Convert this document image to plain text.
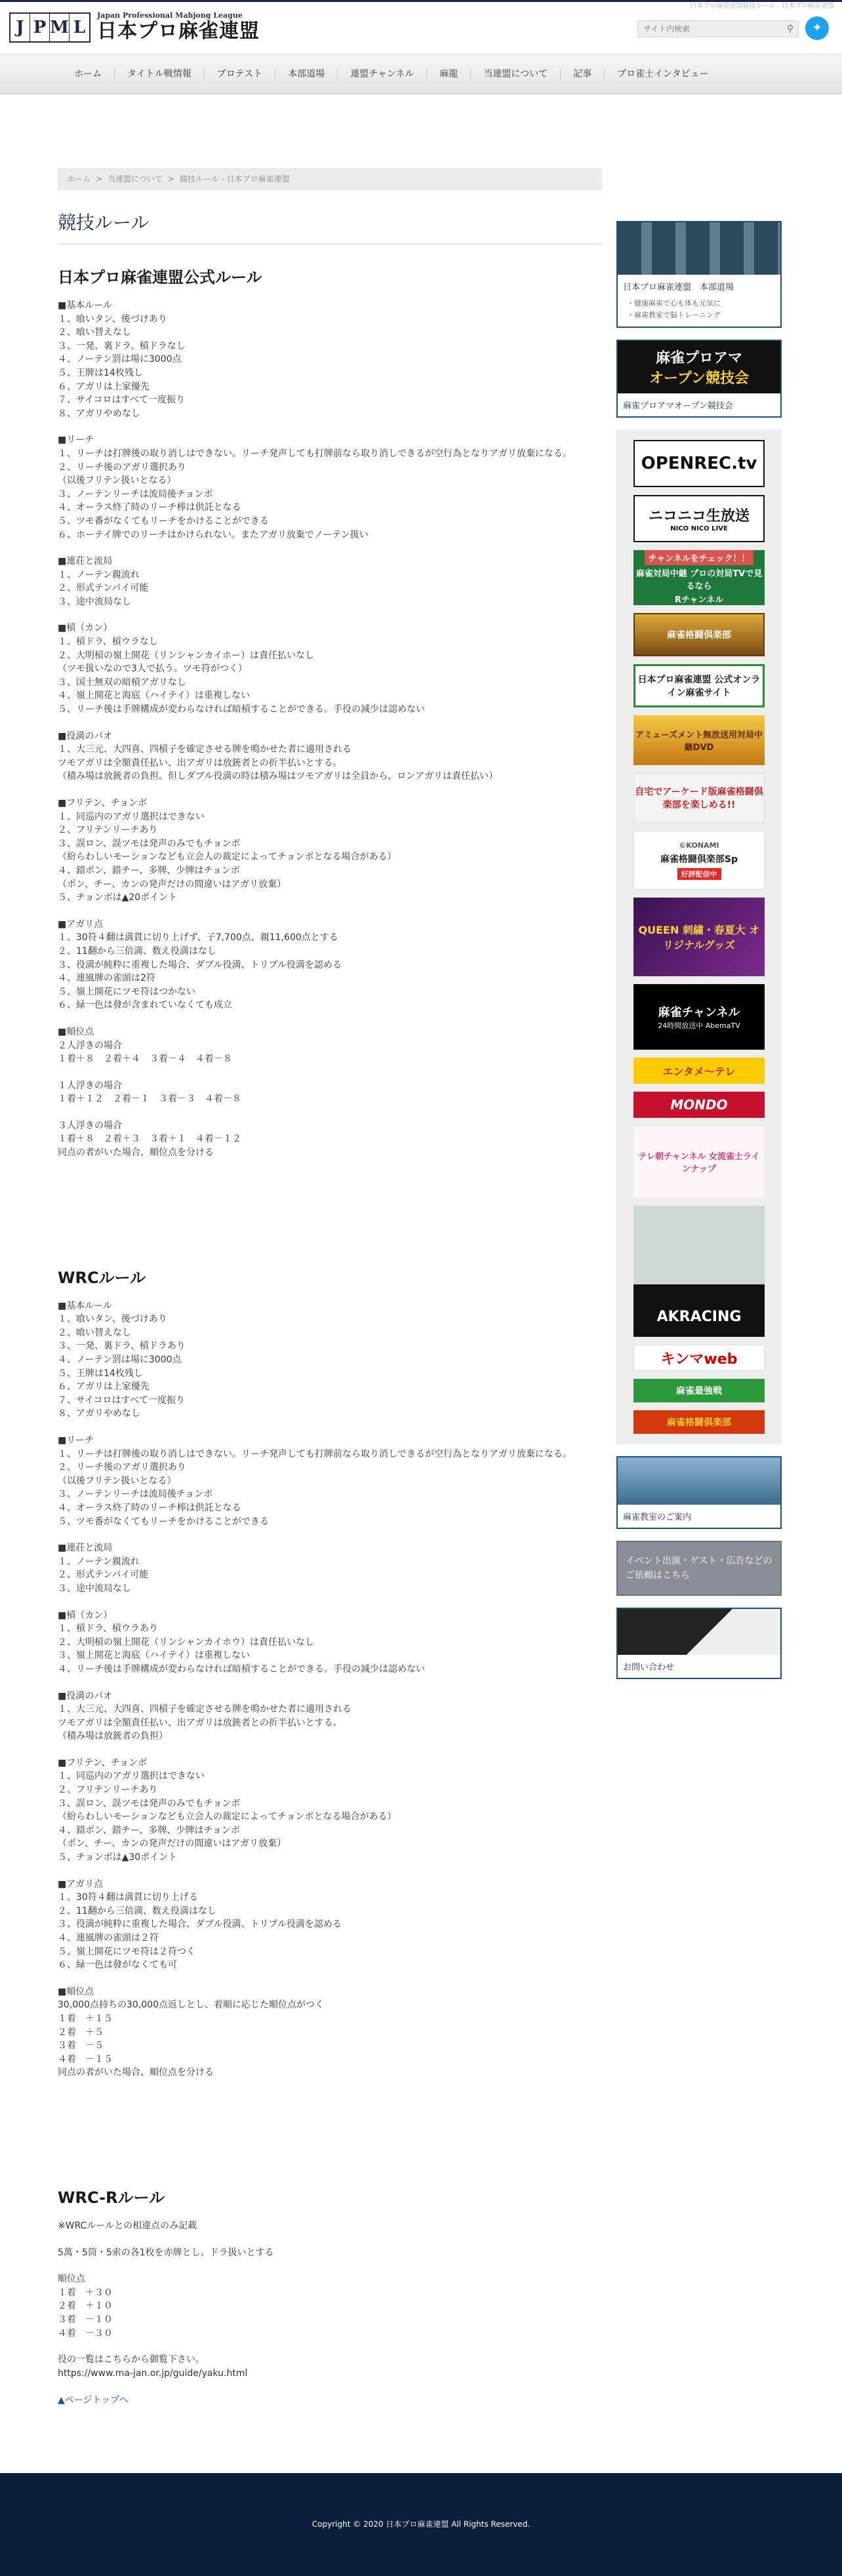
日本プロ麻雀連盟競技ルール - 日本プロ麻雀連盟
J P M L
Japan Professional Mahjong League
日本プロ麻雀連盟
サイト内検索	⚲	✦
ホーム	タイトル戦情報	プロテスト	本部道場	連盟チャンネル	麻龍	当連盟について	記事	プロ雀士インタビュー
ホーム > 当連盟について > 競技ルール - 日本プロ麻雀連盟
競技ルール
日本プロ麻雀連盟公式ルール
■基本ルール
１、喰いタン、後づけあり
２、喰い替えなし
３、一発、裏ドラ、槓ドラなし
４、ノーテン罰は場に3000点
５、王牌は14枚残し
６、アガリは上家優先
７、サイコロはすべて一度振り
８、アガリやめなし
■リーチ
１、リーチは打牌後の取り消しはできない。リーチ発声しても打牌前なら取り消しできるが空行為となりアガリ放棄になる。
２、リーチ後のアガリ選択あり
（以後フリテン扱いとなる）
３、ノーテンリーチは流局後チョンボ
４、オーラス終了時のリーチ棒は供託となる
５、ツモ番がなくてもリーチをかけることができる
６、ホーテイ牌でのリーチはかけられない。またアガリ放棄でノーテン扱い
■連荘と流局
１、ノーテン親流れ
２、形式テンパイ可能
３、途中流局なし
■槓（カン）
１、槓ドラ、槓ウラなし
２、大明槓の嶺上開花（リンシャンカイホー）は責任払いなし
（ツモ扱いなので3人で払う。ツモ符がつく）
３、国士無双の暗槓アガリなし
４、嶺上開花と海底（ハイテイ）は重複しない
５、リーチ後は手牌構成が変わらなければ暗槓することができる。手役の減少は認めない
■役満のパオ
１、大三元、大四喜、四槓子を確定させる牌を鳴かせた者に適用される
ツモアガリは全額責任払い、出アガリは放銃者との折半払いとする。
（積み場は放銃者の負担。但しダブル役満の時は積み場はツモアガリは全員から、ロンアガリは責任払い）
■フリテン、チョンボ
１、同巡内のアガリ選択はできない
２、フリテンリーチあり
３、誤ロン、誤ツモは発声のみでもチョンボ
（紛らわしいモーションなども立会人の裁定によってチョンボとなる場合がある）
４、錯ポン、錯チー、多牌、少牌はチョンボ
（ポン、チー、カンの発声だけの間違いはアガリ放棄）
５、チョンボは▲20ポイント
■アガリ点
１、30符４翻は満貫に切り上げず、子7,700点、親11,600点とする
２、11翻から三倍満、数え役満はなし
３、役満が純粋に重複した場合、ダブル役満、トリプル役満を認める
４、連風牌の雀頭は2符
５、嶺上開花にツモ符はつかない
６、緑一色は發が含まれていなくても成立
■順位点
２人浮きの場合
１着＋８　２着＋４　３着－４　４着－８
１人浮きの場合
１着＋１２　２着－１　３着－３　４着－８
３人浮きの場合
１着＋８　２着＋３　３着＋１　４着－１２
同点の者がいた場合、順位点を分ける
WRCルール
■基本ルール
１、喰いタン、後づけあり
２、喰い替えなし
３、一発、裏ドラ、槓ドラあり
４、ノーテン罰は場に3000点
５、王牌は14枚残し
６、アガリは上家優先
７、サイコロはすべて一度振り
８、アガリやめなし
■リーチ
１、リーチは打牌後の取り消しはできない。リーチ発声しても打牌前なら取り消しできるが空行為となりアガリ放棄になる。
２、リーチ後のアガリ選択あり
（以後フリテン扱いとなる）
３、ノーテンリーチは流局後チョンボ
４、オーラス終了時のリーチ棒は供託となる
５、ツモ番がなくてもリーチをかけることができる
■連荘と流局
１、ノーテン親流れ
２、形式テンパイ可能
３、途中流局なし
■槓（カン）
１、槓ドラ、槓ウラあり
２、大明槓の嶺上開花（リンシャンカイホウ）は責任払いなし
３、嶺上開花と海底（ハイテイ）は重複しない
４、リーチ後は手牌構成が変わらなければ暗槓することができる。手役の減少は認めない
■役満のパオ
１、大三元、大四喜、四槓子を確定させる牌を鳴かせた者に適用される
ツモアガリは全額責任払い、出アガリは放銃者との折半払いとする。
（積み場は放銃者の負担）
■フリテン、チョンボ
１、同巡内のアガリ選択はできない
２、フリテンリーチあり
３、誤ロン、誤ツモは発声のみでもチョンボ
（紛らわしいモーションなども立会人の裁定によってチョンボとなる場合がある）
４、錯ポン、錯チー、多牌、少牌はチョンボ
（ポン、チー、カンの発声だけの間違いはアガリ放棄）
５、チョンボは▲30ポイント
■アガリ点
１、30符４翻は満貫に切り上げる
２、11翻から三倍満、数え役満はなし
３、役満が純粋に重複した場合、ダブル役満、トリプル役満を認める
４、連風牌の雀頭は２符
５、嶺上開花にツモ符は２符つく
６、緑一色は發がなくても可
■順位点
30,000点持ちの30,000点返しとし、着順に応じた順位点がつく
１着　＋１５
２着　＋５
３着　－５
４着　－１５
同点の者がいた場合、順位点を分ける
WRC-Rルール
※WRCルールとの相違点のみ記載
5萬・5筒・5索の各1枚を赤牌とし、ドラ扱いとする
順位点
１着　＋３０
２着　＋１０
３着　－１０
４着　－３０
役の一覧はこちらから御覧下さい。
https://www.ma-jan.or.jp/guide/yaku.html
▲ページトップへ
日本プロ麻雀連盟　本部道場
・健康麻雀で心も体も元気に
・麻雀教室で脳トレーニング
麻雀プロアマ
オープン競技会
麻雀プロアマオープン競技会
OPENREC.tv
ニコニコ生放送
NICO NICO LIVE
チャンネルをチェック！！
麻雀対局中継 プロの対局TVで見るなら
Rチャンネル
麻雀格闘倶楽部
日本プロ麻雀連盟 公式オンライン麻雀サイト
アミューズメント無放送用対局中継DVD
自宅でアーケード版麻雀格闘倶楽部を楽しめる!!
©KONAMI
麻雀格闘倶楽部Sp
好評配信中
QUEEN 刺繍・春夏大 オリジナルグッズ
麻雀チャンネル
24時間放送中 AbemaTV
エンタメ〜テレ
MONDO
テレ朝チャンネル 女流雀士ラインナップ
AKRACING
キンマweb
麻雀最強戦
麻雀格闘倶楽部
麻雀教室のご案内
イベント出演・ゲスト・広告などのご依頼はこちら
お問い合わせ
Copyright © 2020 日本プロ麻雀連盟 All Rights Reserved.
